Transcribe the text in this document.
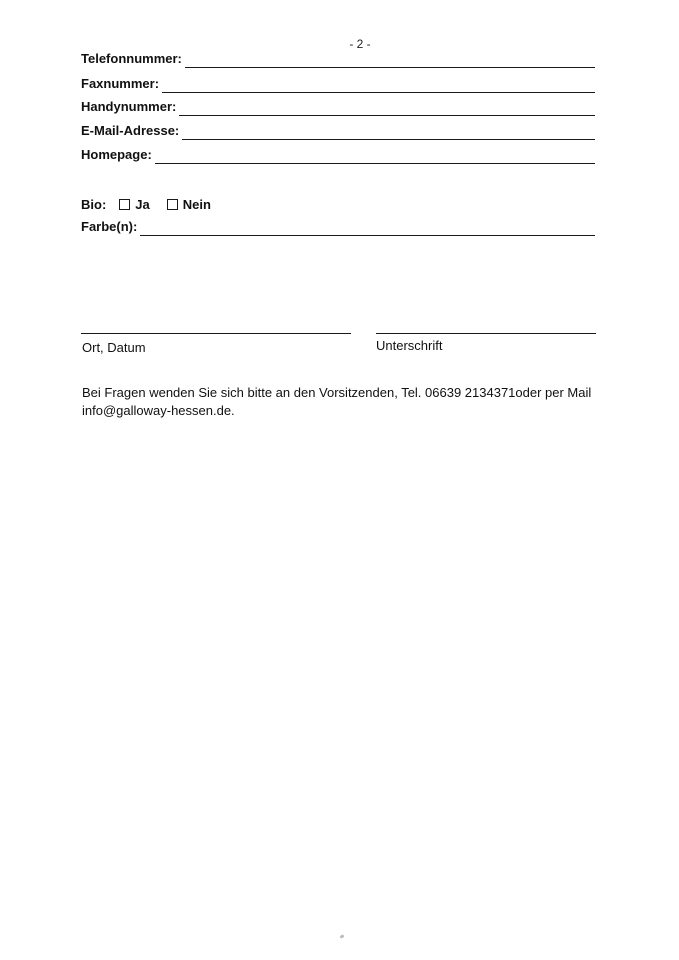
- 2 -
Telefonnummer:
Faxnummer:
Handynummer:
E-Mail-Adresse:
Homepage:
Bio: Ja	Nein
Farbe(n):
Ort, Datum	Unterschrift
Bei Fragen wenden Sie sich bitte an den Vorsitzenden, Tel. 06639 2134371oder per Mail
info@galloway-hessen.de.
